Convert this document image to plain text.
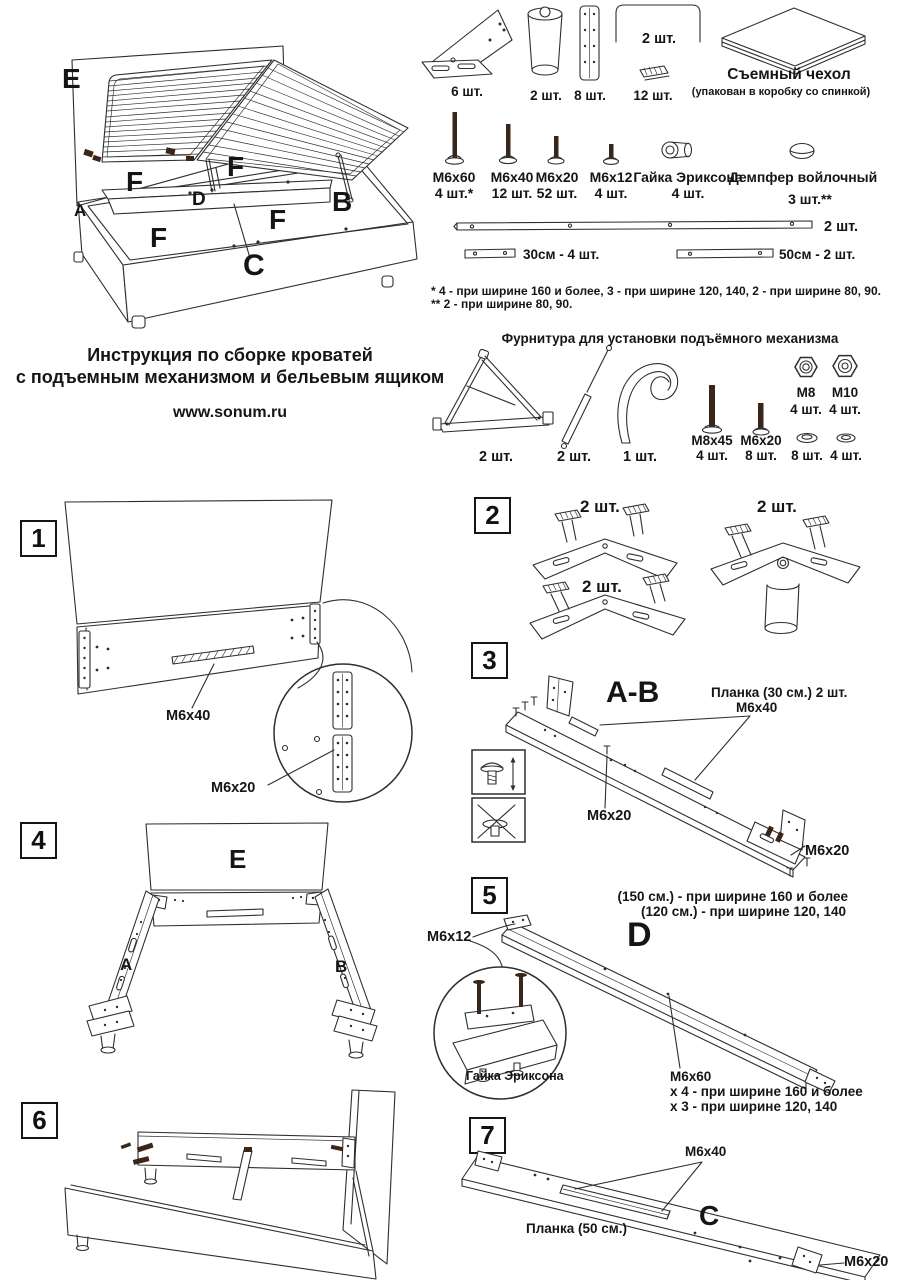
E
F	F
D
A	B
F
F
C
6 шт.	2 шт. 8 шт.
2 шт.
12 шт.
Съемный чехол
(упакован в коробку со спинкой)
M6x60
4 шт.*
M6x40
12 шт.
M6x20
52 шт.
M6x12
4 шт.
Гайка Эриксона
4 шт.
Демпфер войлочный
3 шт.**
2 шт.
30см - 4 шт.	50см - 2 шт.
* 4 - при ширине 160 и более, 3 - при ширине 120, 140, 2 - при ширине 80, 90.
** 2 - при ширине 80, 90.
Инструкция по сборке кроватей
с подъемным механизмом и бельевым ящиком
www.sonum.ru
Фурнитура для установки подъёмного механизма
2 шт.	2 шт. 1 шт.
M8x45
4 шт.
M6x20
8 шт.
M8
4 шт.
M10
4 шт.
8 шт. 4 шт.
1
M6x40
M6x20
2	2 шт.	2 шт.
2 шт.
3
A-B	Планка (30 см.) 2 шт.
M6x40
M6x20
M6x20
4
E
A	B
5	(150 см.) - при ширине 160 и более
(120 см.) - при ширине 120, 140
M6x12	D
Гайка Эриксона	M6x60
х 4 - при ширине 160 и более
х 3 - при ширине 120, 140
6	7
M6x40
Планка (50 см.)	C
M6x20
